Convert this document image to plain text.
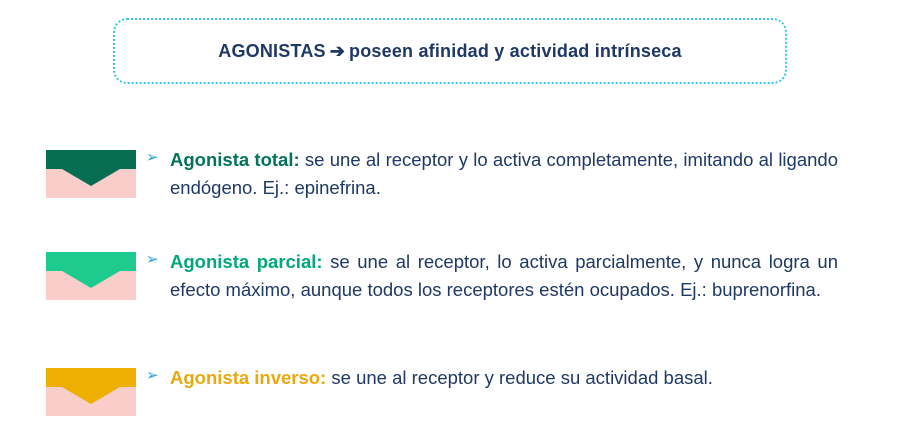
AGONISTAS ➔ poseen afinidad y actividad intrínseca
➢ Agonista total: se une al receptor y lo activa completamente, imitando al ligando endógeno. Ej.: epinefrina.
➢ Agonista parcial: se une al receptor, lo activa parcialmente, y nunca logra un efecto máximo, aunque todos los receptores estén ocupados. Ej.: buprenorfina.
➢ Agonista inverso: se une al receptor y reduce su actividad basal.
